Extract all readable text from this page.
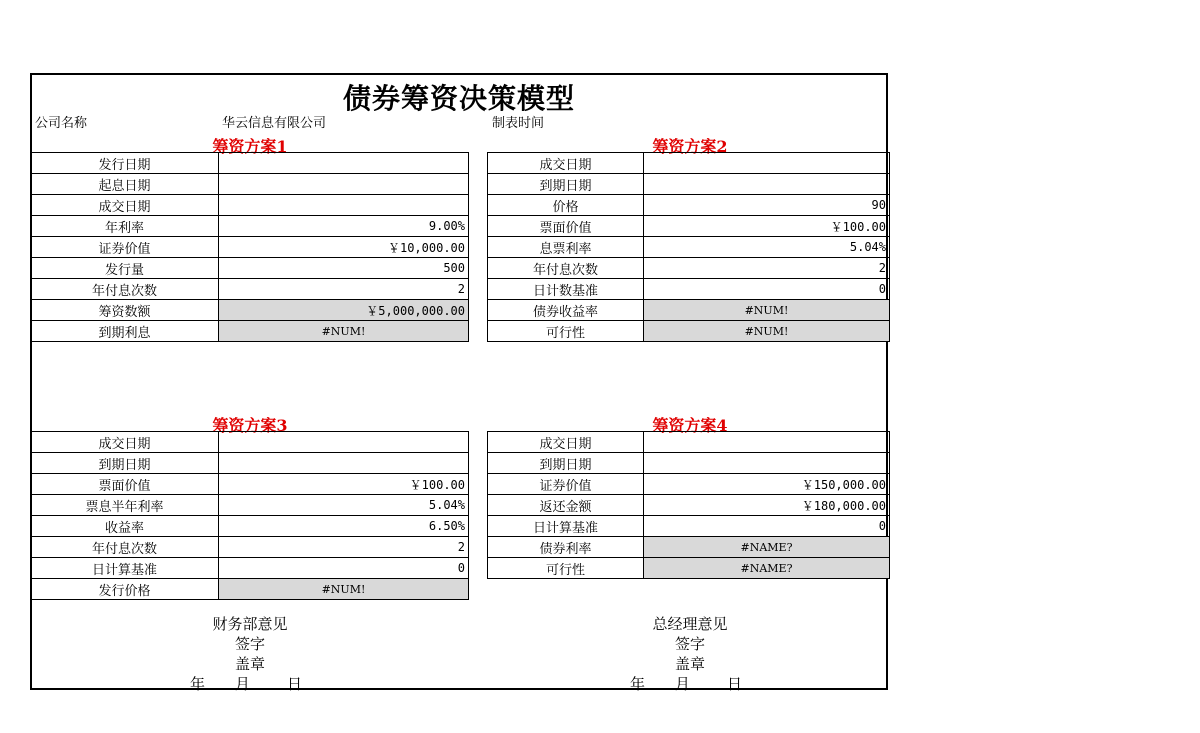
债券筹资决策模型
公司名称	华云信息有限公司	制表时间
筹资方案1	筹资方案2
发行日期	
起息日期	
成交日期	
年利率	9.00%
证券价值	￥10,000.00
发行量	500
年付息次数	2
筹资数额	￥5,000,000.00
到期利息	#NUM!
成交日期	
到期日期	
价格	90
票面价值	￥100.00
息票利率	5.04%
年付息次数	2
日计数基准	0
债券收益率	#NUM!
可行性	#NUM!
筹资方案3	筹资方案4
成交日期	
到期日期	
票面价值	￥100.00
票息半年利率	5.04%
收益率	6.50%
年付息次数	2
日计算基准	0
发行价格	#NUM!
成交日期	
到期日期	
证券价值	￥150,000.00
返还金额	￥180,000.00
日计算基准	0
债券利率	#NAME?
可行性	#NAME?
财务部意见
签字
盖章
年 月 日
总经理意见
签字
盖章
年 月 日
